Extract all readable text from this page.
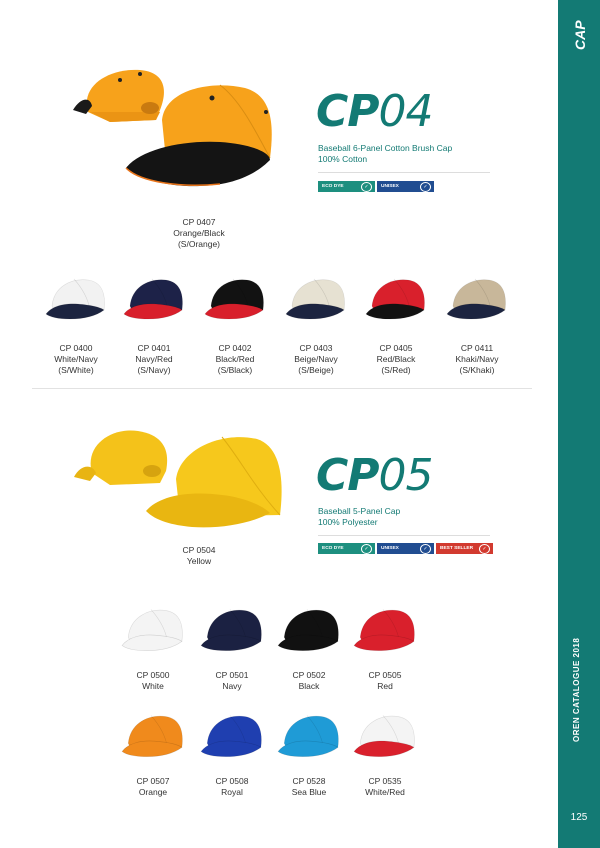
CAP
OREN CATALOGUE 2018
125
CP04
Baseball 6-Panel Cotton Brush Cap
100% Cotton
ECO DYE	✓	UNISEX	✓
CP 0407
Orange/Black
(S/Orange)
CP 0400
White/Navy
(S/White)
CP 0401
Navy/Red
(S/Navy)
CP 0402
Black/Red
(S/Black)
CP 0403
Beige/Navy
(S/Beige)
CP 0405
Red/Black
(S/Red)
CP 0411
Khaki/Navy
(S/Khaki)
CP05
Baseball 5-Panel Cap
100% Polyester
ECO DYE	✓	UNISEX	✓	BEST SELLER	✓
CP 0504
Yellow
CP 0500
White
CP 0501
Navy
CP 0502
Black
CP 0505
Red
CP 0507
Orange
CP 0508
Royal
CP 0528
Sea Blue
CP 0535
White/Red
